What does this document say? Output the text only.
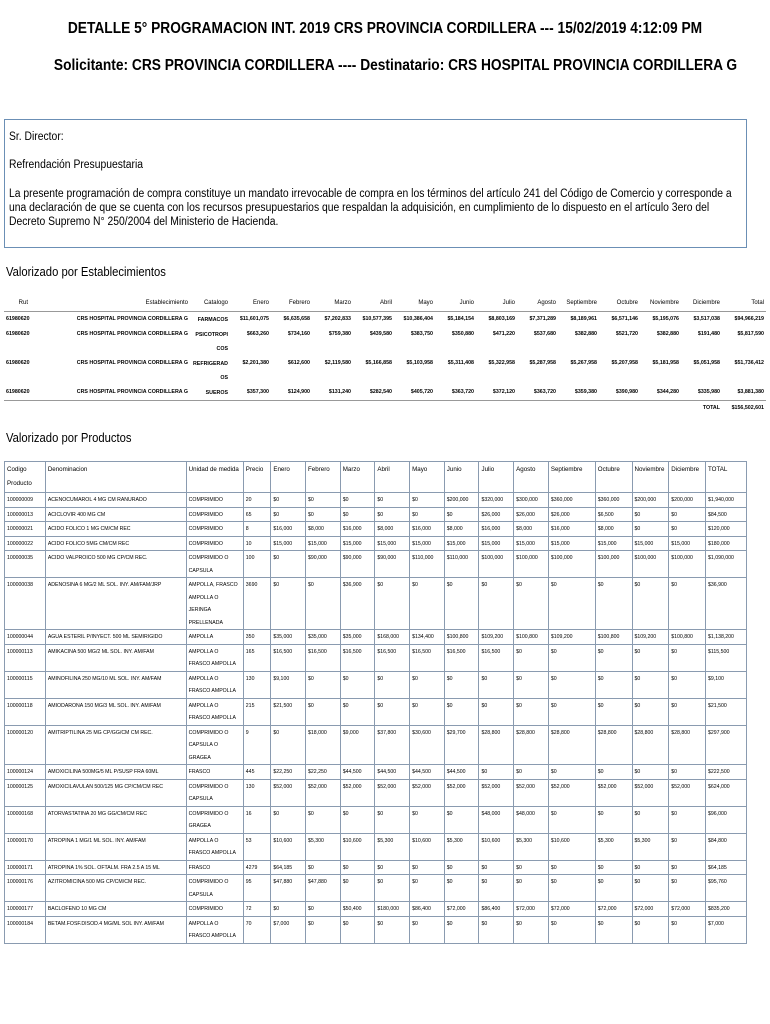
DETALLE 5° PROGRAMACION INT. 2019 CRS PROVINCIA CORDILLERA --- 15/02/2019 4:12:09 PM
Solicitante: CRS PROVINCIA CORDILLERA ---- Destinatario: CRS HOSPITAL PROVINCIA CORDILLERA G
Sr. Director:
Refrendación Presupuestaria
La presente programación de compra constituye un mandato irrevocable de compra en los términos del artículo 241 del Código de Comercio y corresponde a una declaración de que se cuenta con los recursos presupuestarios que respaldan la adquisición, en cumplimiento de lo dispuesto en el artículo 3ero del Decreto Supremo N° 250/2004 del Ministerio de Hacienda.
Valorizado por Establecimientos
Rut	Establecimiento	Catalogo	Enero	Febrero	Marzo	Abril	Mayo	Junio	Julio	Agosto	Septiembre	Octubre	Noviembre	Diciembre	Total
61980620	CRS HOSPITAL PROVINCIA CORDILLERA G	FARMACOS	$11,601,075	$6,635,658	$7,202,833	$10,577,395	$10,386,404	$5,184,154	$8,803,169	$7,371,289	$8,189,961	$6,571,146	$5,195,076	$3,517,038	$94,966,219
61980620	CRS HOSPITAL PROVINCIA CORDILLERA G	PSICOTROPICOS	$663,260	$734,160	$759,380	$439,580	$383,750	$350,880	$471,220	$537,680	$382,880	$521,720	$382,880	$191,480	$5,817,590
61980620	CRS HOSPITAL PROVINCIA CORDILLERA G	REFRIGERADOS	$2,201,380	$612,600	$2,119,580	$5,166,858	$5,103,958	$5,311,408	$5,322,958	$5,287,958	$5,267,958	$5,207,958	$5,181,958	$5,051,958	$51,736,412
61980620	CRS HOSPITAL PROVINCIA CORDILLERA G	SUEROS	$357,300	$124,900	$131,240	$282,540	$405,720	$363,720	$372,120	$363,720	$359,380	$390,980	$344,280	$335,980	$3,881,380
														TOTAL	$156,502,601
Valorizado por Productos
Codigo Producto	Denominacion	Unidad de medida	Precio	Enero	Febrero	Marzo	Abril	Mayo	Junio	Julio	Agosto	Septiembre	Octubre	Noviembre	Diciembre	TOTAL
100000009	ACENOCUMAROL 4 MG CM RANURADO	COMPRIMIDO	20	$0	$0	$0	$0	$0	$200,000	$320,000	$300,000	$360,000	$360,000	$200,000	$200,000	$1,940,000
100000013	ACICLOVIR 400 MG CM	COMPRIMIDO	65	$0	$0	$0	$0	$0	$0	$26,000	$26,000	$26,000	$6,500	$0	$0	$84,500
100000021	ACIDO FOLICO 1 MG CM/CM REC	COMPRIMIDO	8	$16,000	$8,000	$16,000	$8,000	$16,000	$8,000	$16,000	$8,000	$16,000	$8,000	$0	$0	$120,000
100000022	ACIDO FOLICO 5MG CM/CM REC	COMPRIMIDO	10	$15,000	$15,000	$15,000	$15,000	$15,000	$15,000	$15,000	$15,000	$15,000	$15,000	$15,000	$15,000	$180,000
100000035	ACIDO VALPROICO 500 MG CP/CM REC.	COMPRIMIDO O CAPSULA	100	$0	$90,000	$90,000	$90,000	$110,000	$110,000	$100,000	$100,000	$100,000	$100,000	$100,000	$100,000	$1,090,000
100000038	ADENOSINA 6 MG/2 ML SOL. INY. AM/FAM/JRP	AMPOLLA, FRASCO AMPOLLA O JERINGA PRELLENADA	3690	$0	$0	$36,900	$0	$0	$0	$0	$0	$0	$0	$0	$0	$36,900
100000044	AGUA ESTERIL P/INYECT. 500 ML SEMIRIGIDO	AMPOLLA	350	$35,000	$35,000	$35,000	$168,000	$134,400	$100,800	$109,200	$100,800	$109,200	$100,800	$109,200	$100,800	$1,138,200
100000113	AMIKACINA 500 MG/2 ML SOL. INY. AM/FAM	AMPOLLA O FRASCO AMPOLLA	165	$16,500	$16,500	$16,500	$16,500	$16,500	$16,500	$16,500	$0	$0	$0	$0	$0	$115,500
100000115	AMINOFILINA 250 MG/10 ML SOL. INY. AM/FAM	AMPOLLA O FRASCO AMPOLLA	130	$9,100	$0	$0	$0	$0	$0	$0	$0	$0	$0	$0	$0	$9,100
100000118	AMIODARONA 150 MG/3 ML SOL. INY. AM/FAM	AMPOLLA O FRASCO AMPOLLA	215	$21,500	$0	$0	$0	$0	$0	$0	$0	$0	$0	$0	$0	$21,500
100000120	AMITRIPTILINA 25 MG CP/GG/CM CM REC.	COMPRIMIDO O CAPSULA O GRAGEA	9	$0	$18,000	$9,000	$37,800	$30,600	$29,700	$28,800	$28,800	$28,800	$28,800	$28,800	$28,800	$297,900
100000124	AMOXICILINA 500MG/5 ML P/SUSP FRA 60ML	FRASCO	445	$22,250	$22,250	$44,500	$44,500	$44,500	$44,500	$0	$0	$0	$0	$0	$0	$222,500
100000125	AMOXICILAVULAN 500/125 MG CP/CM/CM REC	COMPRIMIDO O CAPSULA	130	$52,000	$52,000	$52,000	$52,000	$52,000	$52,000	$52,000	$52,000	$52,000	$52,000	$52,000	$52,000	$624,000
100000168	ATORVASTATINA 20 MG GG/CM/CM REC	COMPRIMIDO O GRAGEA	16	$0	$0	$0	$0	$0	$0	$48,000	$48,000	$0	$0	$0	$0	$96,000
100000170	ATROPINA 1 MG/1 ML SOL. INY. AM/FAM	AMPOLLA O FRASCO AMPOLLA	53	$10,600	$5,300	$10,600	$5,300	$10,600	$5,300	$10,600	$5,300	$10,600	$5,300	$5,300	$0	$84,800
100000171	ATROPINA 1% SOL. OFTALM. FRA 2.5 A 15 ML	FRASCO	4279	$64,185	$0	$0	$0	$0	$0	$0	$0	$0	$0	$0	$0	$64,185
100000176	AZITROMICINA 500 MG CP/CM/CM REC.	COMPRIMIDO O CAPSULA	95	$47,880	$47,880	$0	$0	$0	$0	$0	$0	$0	$0	$0	$0	$95,760
100000177	BACLOFENO 10 MG CM	COMPRIMIDO	72	$0	$0	$50,400	$180,000	$86,400	$72,000	$86,400	$72,000	$72,000	$72,000	$72,000	$72,000	$835,200
100000184	BETAM.FOSF.DISOD.4 MG/ML SOL INY. AM/FAM	AMPOLLA O FRASCO AMPOLLA	70	$7,000	$0	$0	$0	$0	$0	$0	$0	$0	$0	$0	$0	$7,000
